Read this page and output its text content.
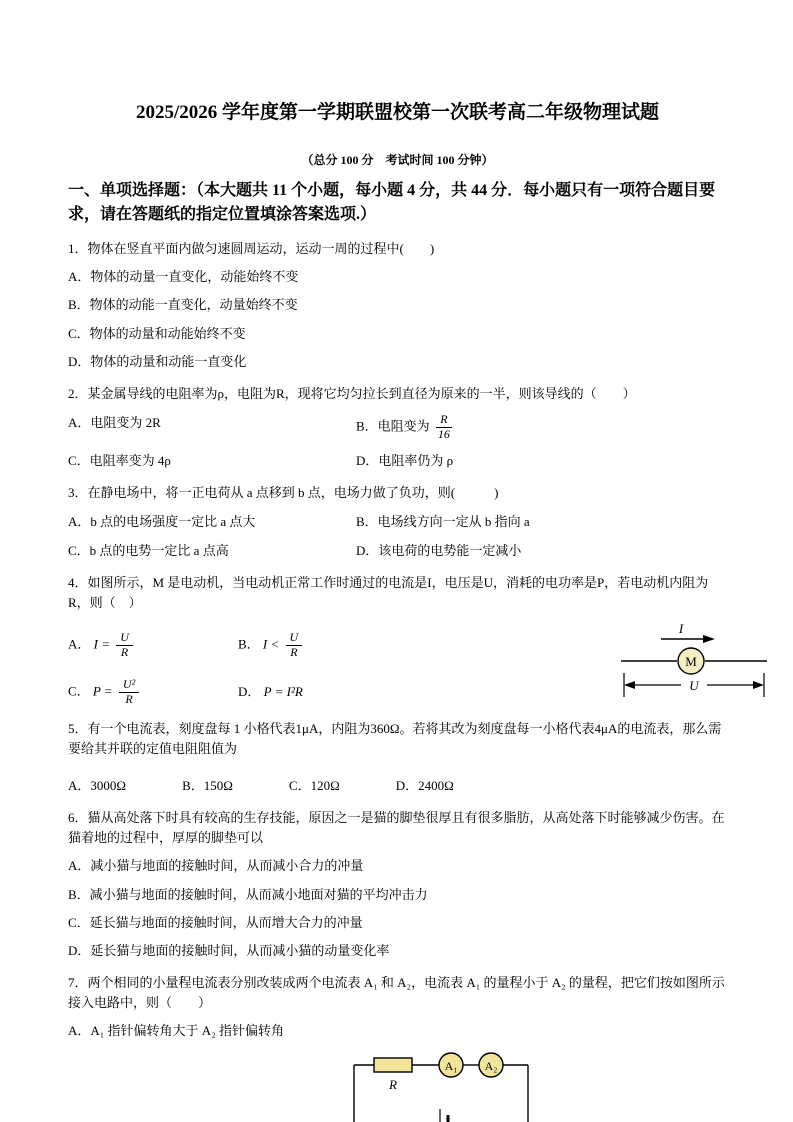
2025/2026 学年度第一学期联盟校第一次联考高二年级物理试题
（总分 100 分　考试时间 100 分钟）
一、单项选择题：（本大题共 11 个小题，每小题 4 分，共 44 分．每小题只有一项符合题目要求，请在答题纸的指定位置填涂答案选项.）
1．物体在竖直平面内做匀速圆周运动，运动一周的过程中(　　)
A．物体的动量一直变化，动能始终不变
B．物体的动能一直变化，动量始终不变
C．物体的动量和动能始终不变
D．物体的动量和动能一直变化
2．某金属导线的电阻率为ρ，电阻为R，现将它均匀拉长到直径为原来的一半，则该导线的（　　）
A．电阻变为 2R	B．电阻变为 $\frac{R}{16}$
C．电阻率变为 4ρ	D．电阻率仍为 ρ
3．在静电场中，将一正电荷从 a 点移到 b 点，电场力做了负功，则(　　　)
A．b 点的电场强度一定比 a 点大	B．电场线方向一定从 b 指向 a
C．b 点的电势一定比 a 点高	D．该电荷的电势能一定减小
4．如图所示，M 是电动机，当电动机正常工作时通过的电流是I，电压是U，消耗的电功率是P，若电动机内阻为R，则（　）
A． $I = \frac{U}{R}$	B． $I < \frac{U}{R}$
C． $P = \frac{\text{U²}}{R}$	D． P = I²R
I
M
U
5．有一个电流表，刻度盘每 1 小格代表1μA，内阻为360Ω。若将其改为刻度盘每一小格代表4μA的电流表，那么需要给其并联的定值电阻阻值为
A．3000Ω	B．150Ω	C．120Ω	D．2400Ω
6．猫从高处落下时具有较高的生存技能，原因之一是猫的脚垫很厚且有很多脂肪，从高处落下时能够减少伤害。在猫着地的过程中，厚厚的脚垫可以
A．减小猫与地面的接触时间，从而减小合力的冲量
B．减小猫与地面的接触时间，从而减小地面对猫的平均冲击力
C．延长猫与地面的接触时间，从而增大合力的冲量
D．延长猫与地面的接触时间，从而减小猫的动量变化率
7．两个相同的小量程电流表分别改装成两个电流表 A₁ 和 A₂，电流表 A₁ 的量程小于 A₂ 的量程，把它们按如图所示接入电路中，则（　　）
A．A₁ 指针偏转角大于 A₂ 指针偏转角
R
A₁ A₂
